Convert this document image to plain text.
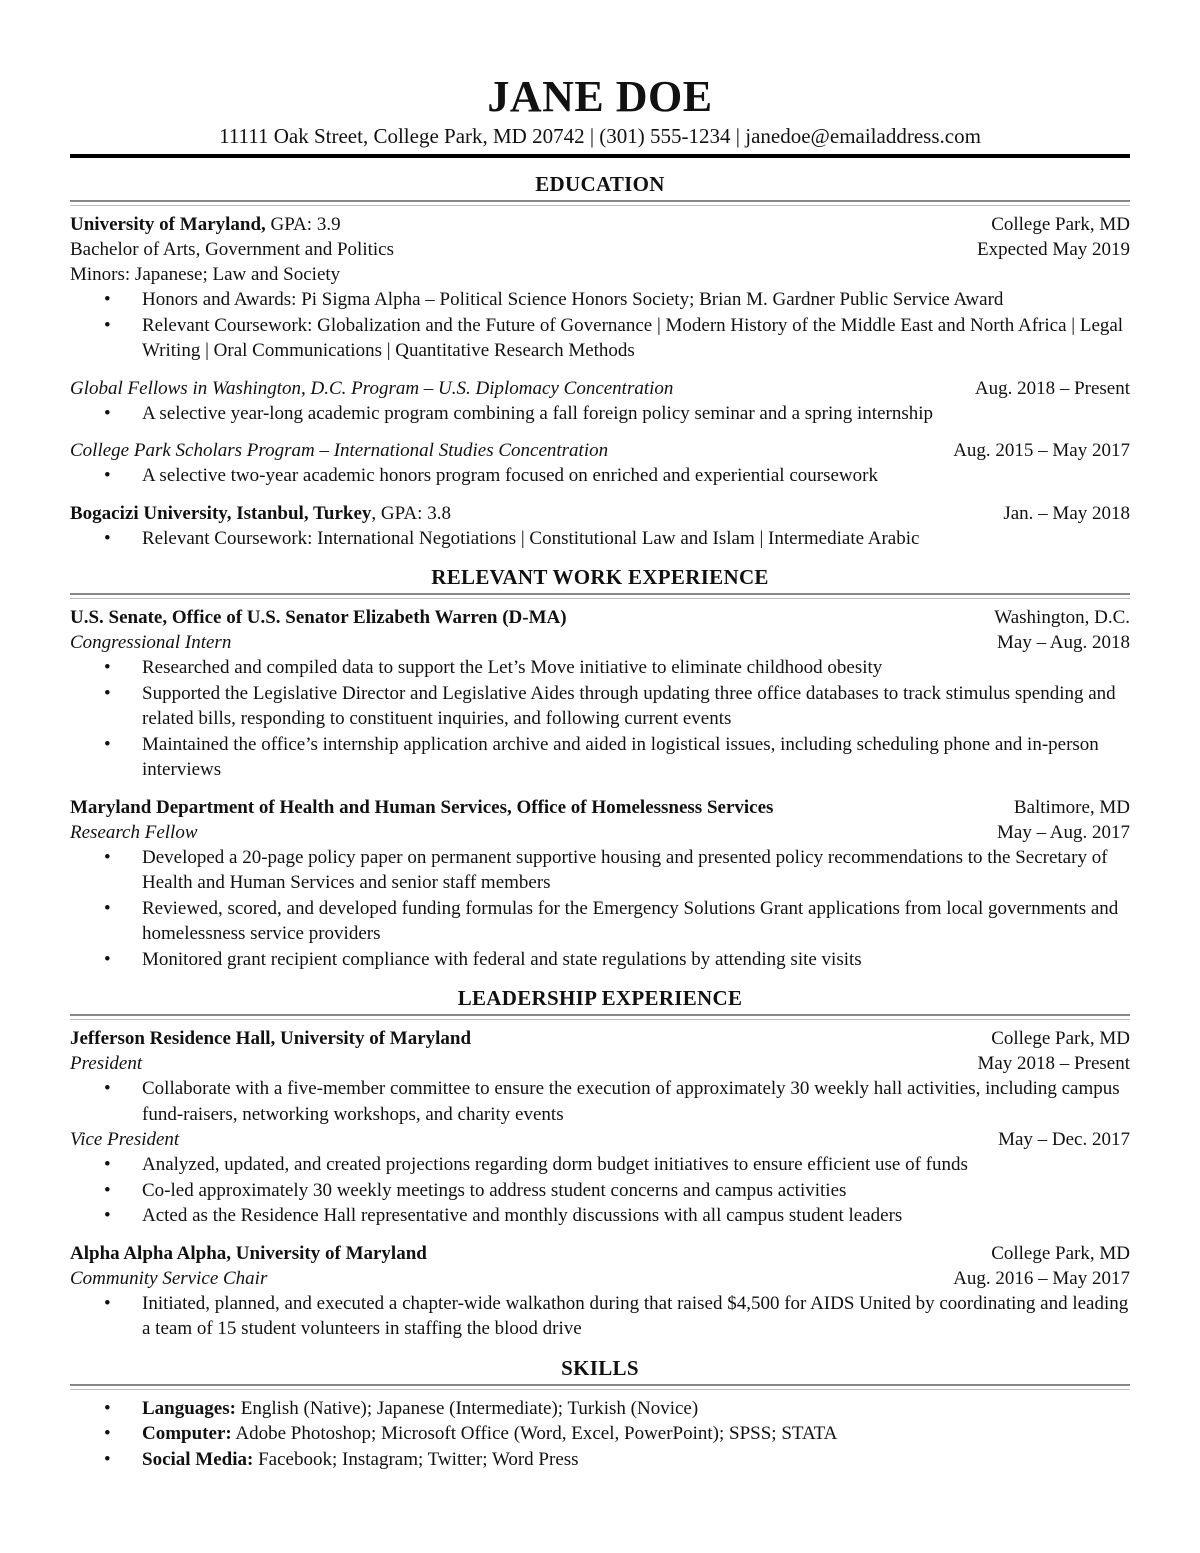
JANE DOE
11111 Oak Street, College Park, MD 20742 | (301) 555-1234 | janedoe@emailaddress.com
EDUCATION
University of Maryland, GPA: 3.9	College Park, MD
Bachelor of Arts, Government and Politics	Expected May 2019
Minors: Japanese; Law and Society
• Honors and Awards: Pi Sigma Alpha – Political Science Honors Society; Brian M. Gardner Public Service Award
• Relevant Coursework: Globalization and the Future of Governance | Modern History of the Middle East and North Africa | Legal Writing | Oral Communications | Quantitative Research Methods
Global Fellows in Washington, D.C. Program – U.S. Diplomacy Concentration	Aug. 2018 – Present
• A selective year-long academic program combining a fall foreign policy seminar and a spring internship
College Park Scholars Program – International Studies Concentration	Aug. 2015 – May 2017
• A selective two-year academic honors program focused on enriched and experiential coursework
Bogacizi University, Istanbul, Turkey, GPA: 3.8	Jan. – May 2018
• Relevant Coursework: International Negotiations | Constitutional Law and Islam | Intermediate Arabic
RELEVANT WORK EXPERIENCE
U.S. Senate, Office of U.S. Senator Elizabeth Warren (D-MA)	Washington, D.C.
Congressional Intern	May – Aug. 2018
• Researched and compiled data to support the Let’s Move initiative to eliminate childhood obesity
• Supported the Legislative Director and Legislative Aides through updating three office databases to track stimulus spending and related bills, responding to constituent inquiries, and following current events
• Maintained the office’s internship application archive and aided in logistical issues, including scheduling phone and in-person interviews
Maryland Department of Health and Human Services, Office of Homelessness Services	Baltimore, MD
Research Fellow	May – Aug. 2017
• Developed a 20-page policy paper on permanent supportive housing and presented policy recommendations to the Secretary of Health and Human Services and senior staff members
• Reviewed, scored, and developed funding formulas for the Emergency Solutions Grant applications from local governments and homelessness service providers
• Monitored grant recipient compliance with federal and state regulations by attending site visits
LEADERSHIP EXPERIENCE
Jefferson Residence Hall, University of Maryland	College Park, MD
President	May 2018 – Present
• Collaborate with a five-member committee to ensure the execution of approximately 30 weekly hall activities, including campus fund-raisers, networking workshops, and charity events
Vice President	May – Dec. 2017
• Analyzed, updated, and created projections regarding dorm budget initiatives to ensure efficient use of funds
• Co-led approximately 30 weekly meetings to address student concerns and campus activities
• Acted as the Residence Hall representative and monthly discussions with all campus student leaders
Alpha Alpha Alpha, University of Maryland	College Park, MD
Community Service Chair	Aug. 2016 – May 2017
• Initiated, planned, and executed a chapter-wide walkathon during that raised $4,500 for AIDS United by coordinating and leading a team of 15 student volunteers in staffing the blood drive
SKILLS
• Languages: English (Native); Japanese (Intermediate); Turkish (Novice)
• Computer: Adobe Photoshop; Microsoft Office (Word, Excel, PowerPoint); SPSS; STATA
• Social Media: Facebook; Instagram; Twitter; Word Press
